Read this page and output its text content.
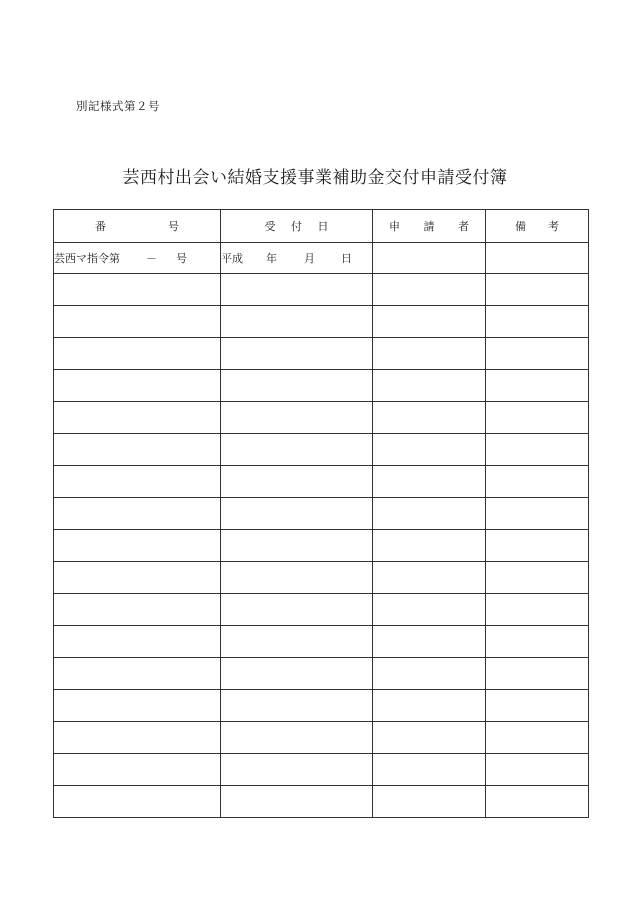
別記様式第２号
芸西村出会い結婚支援事業補助金交付申請受付簿
番 号	受 付 日	申 請 者	備 考

芸西マ指令第 － 号	平成 年 月 日		
